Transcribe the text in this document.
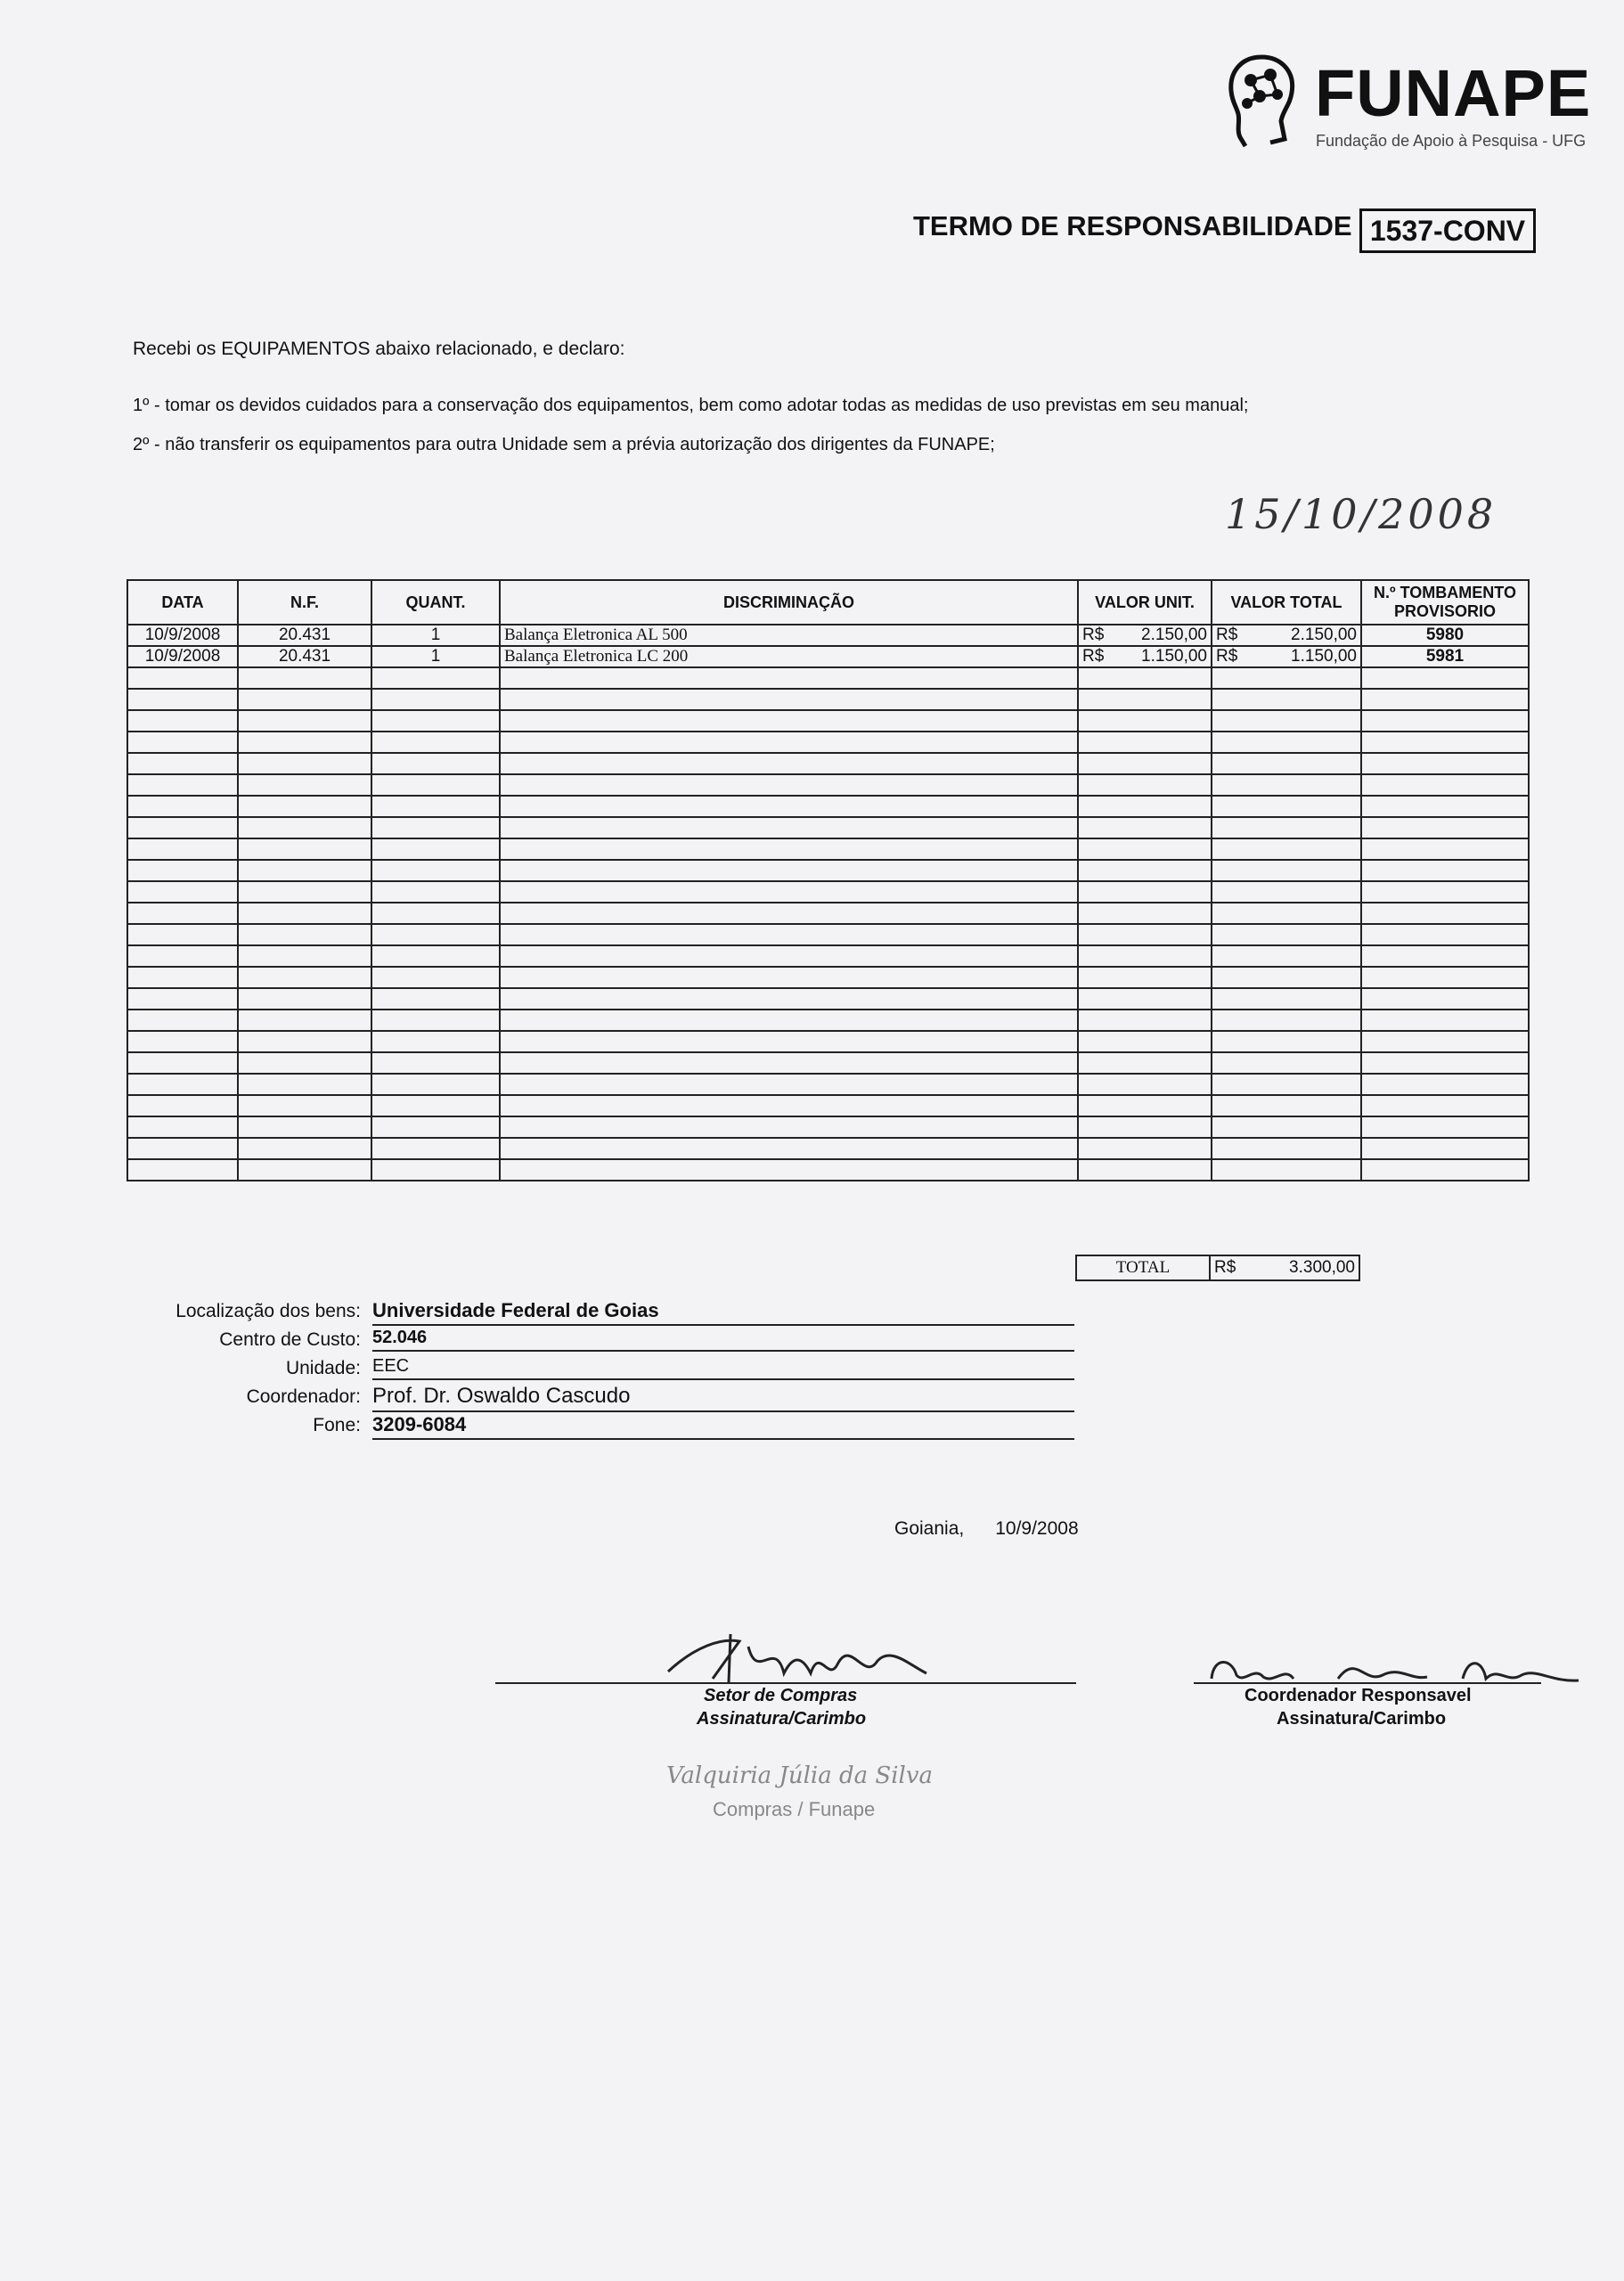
FUNAPE
Fundação de Apoio à Pesquisa - UFG
TERMO DE RESPONSABILIDADE 1537-CONV
Recebi os EQUIPAMENTOS abaixo relacionado, e declaro:
1º - tomar os devidos cuidados para a conservação dos equipamentos, bem como adotar todas as medidas de uso previstas em seu manual;
2º - não transferir os equipamentos para outra Unidade sem a prévia autorização dos dirigentes da FUNAPE;
15/10/2008
DATA	N.F.	QUANT.	DISCRIMINAÇÃO	VALOR UNIT.	VALOR TOTAL	N.º TOMBAMENTO PROVISORIO
10/9/2008	20.431	1	Balança Eletronica AL 500	R$ 2.150,00	R$ 2.150,00	5980
10/9/2008	20.431	1	Balança Eletronica LC 200	R$ 1.150,00	R$ 1.150,00	5981

TOTAL	R$	3.300,00
Localização dos bens: Universidade Federal de Goias
Centro de Custo: 52.046
Unidade: EEC
Coordenador: Prof. Dr. Oswaldo Cascudo
Fone: 3209-6084
Goiania,      10/9/2008
Setor de Compras
Assinatura/Carimbo
Coordenador Responsavel
Assinatura/Carimbo
Valquiria Júlia da Silva
Compras / Funape
